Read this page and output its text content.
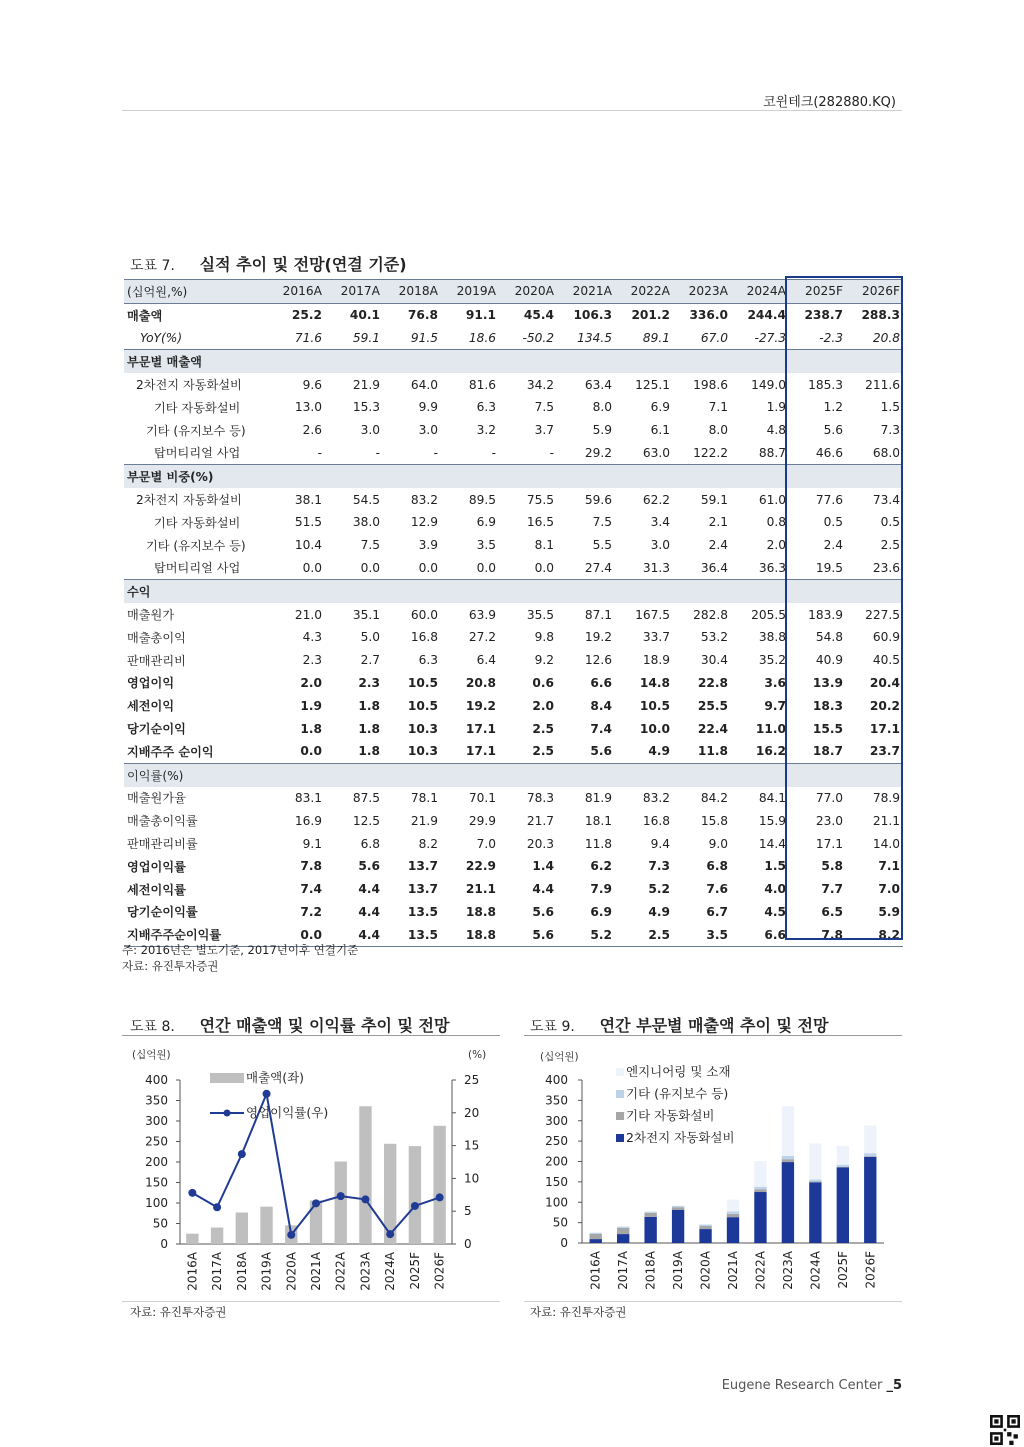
코윈테크(282880.KQ)
도표 7. 실적 추이 및 전망(연결 기준)
(십억원,%)	2016A	2017A	2018A	2019A	2020A	2021A	2022A	2023A	2024A	2025F	2026F
매출액	25.2	40.1	76.8	91.1	45.4	106.3	201.2	336.0	244.4	238.7	288.3
YoY(%)	71.6	59.1	91.5	18.6	-50.2	134.5	89.1	67.0	-27.3	-2.3	20.8
부문별 매출액											
2차전지 자동화설비	9.6	21.9	64.0	81.6	34.2	63.4	125.1	198.6	149.0	185.3	211.6
기타 자동화설비	13.0	15.3	9.9	6.3	7.5	8.0	6.9	7.1	1.9	1.2	1.5
기타 (유지보수 등)	2.6	3.0	3.0	3.2	3.7	5.9	6.1	8.0	4.8	5.6	7.3
탑머티리얼 사업	-	-	-	-	-	29.2	63.0	122.2	88.7	46.6	68.0
부문별 비중(%)											
2차전지 자동화설비	38.1	54.5	83.2	89.5	75.5	59.6	62.2	59.1	61.0	77.6	73.4
기타 자동화설비	51.5	38.0	12.9	6.9	16.5	7.5	3.4	2.1	0.8	0.5	0.5
기타 (유지보수 등)	10.4	7.5	3.9	3.5	8.1	5.5	3.0	2.4	2.0	2.4	2.5
탑머티리얼 사업	0.0	0.0	0.0	0.0	0.0	27.4	31.3	36.4	36.3	19.5	23.6
수익											
매출원가	21.0	35.1	60.0	63.9	35.5	87.1	167.5	282.8	205.5	183.9	227.5
매출총이익	4.3	5.0	16.8	27.2	9.8	19.2	33.7	53.2	38.8	54.8	60.9
판매관리비	2.3	2.7	6.3	6.4	9.2	12.6	18.9	30.4	35.2	40.9	40.5
영업이익	2.0	2.3	10.5	20.8	0.6	6.6	14.8	22.8	3.6	13.9	20.4
세전이익	1.9	1.8	10.5	19.2	2.0	8.4	10.5	25.5	9.7	18.3	20.2
당기순이익	1.8	1.8	10.3	17.1	2.5	7.4	10.0	22.4	11.0	15.5	17.1
지배주주 순이익	0.0	1.8	10.3	17.1	2.5	5.6	4.9	11.8	16.2	18.7	23.7
이익률(%)											
매출원가율	83.1	87.5	78.1	70.1	78.3	81.9	83.2	84.2	84.1	77.0	78.9
매출총이익률	16.9	12.5	21.9	29.9	21.7	18.1	16.8	15.8	15.9	23.0	21.1
판매관리비률	9.1	6.8	8.2	7.0	20.3	11.8	9.4	9.0	14.4	17.1	14.0
영업이익률	7.8	5.6	13.7	22.9	1.4	6.2	7.3	6.8	1.5	5.8	7.1
세전이익률	7.4	4.4	13.7	21.1	4.4	7.9	5.2	7.6	4.0	7.7	7.0
당기순이익률	7.2	4.4	13.5	18.8	5.6	6.9	4.9	6.7	4.5	6.5	5.9
지배주주순이익률	0.0	4.4	13.5	18.8	5.6	5.2	2.5	3.5	6.6	7.8	8.2
주: 2016년은 별도기준, 2017년이후 연결기준
자료: 유진투자증권
도표 8. 연간 매출액 및 이익률 추이 및 전망
(십억원)	(%)
0
50
100
150
200
250
300
350
400
0
5
10
15
20
25
2016A 2017A 2018A 2019A 2020A 2021A 2022A 2023A 2024A 2025F 2026F
매출액(좌)
영업이익률(우)
자료: 유진투자증권
도표 9. 연간 부문별 매출액 추이 및 전망
(십억원)
0
50
100
150
200
250
300
350
400
2016A 2017A 2018A 2019A 2020A 2021A 2022A 2023A 2024A 2025F 2026F
엔지니어링 및 소재
기타 (유지보수 등)
기타 자동화설비
2차전지 자동화설비
자료: 유진투자증권
Eugene Research Center _5
